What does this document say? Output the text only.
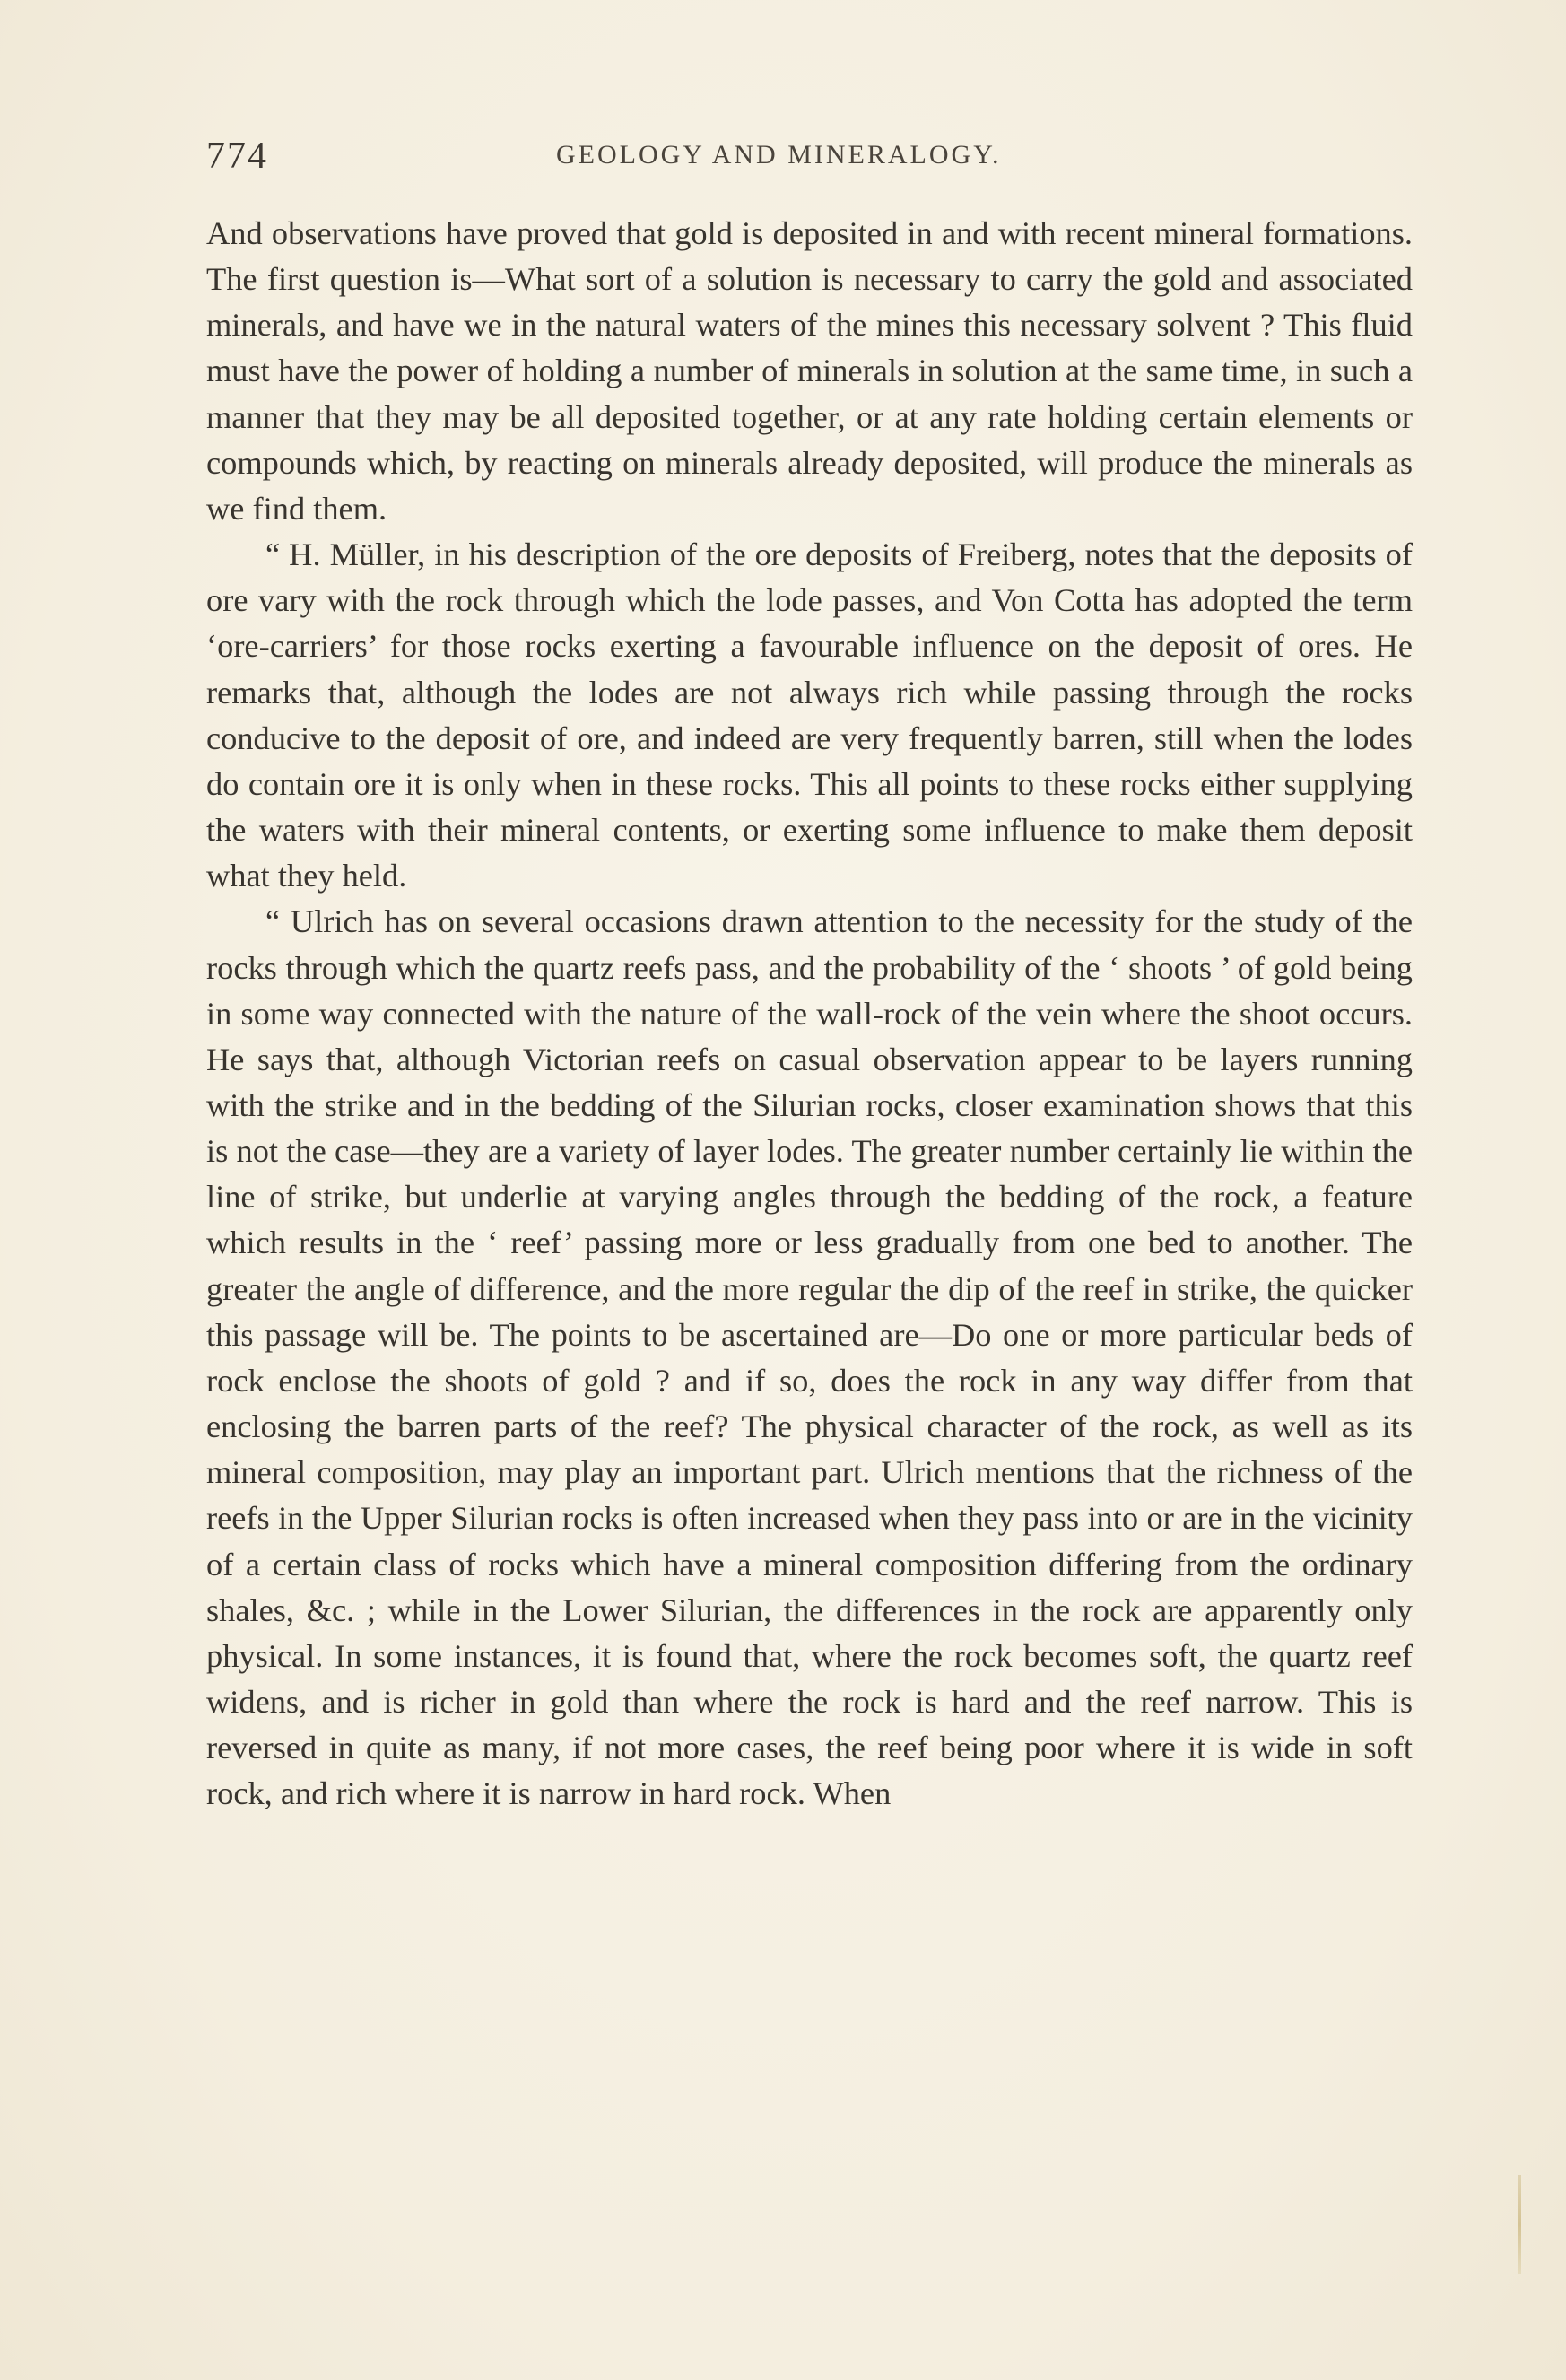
774	GEOLOGY AND MINERALOGY.

And observations have proved that gold is deposited in and with recent mineral formations. The first question is—What sort of a solution is necessary to carry the gold and associated minerals, and have we in the natural waters of the mines this necessary solvent ? This fluid must have the power of holding a number of minerals in solution at the same time, in such a manner that they may be all deposited together, or at any rate holding certain elements or compounds which, by reacting on minerals already deposited, will produce the minerals as we find them.

“ H. Müller, in his description of the ore deposits of Freiberg, notes that the deposits of ore vary with the rock through which the lode passes, and Von Cotta has adopted the term ‘ore-carriers’ for those rocks exerting a favourable influence on the deposit of ores. He remarks that, although the lodes are not always rich while passing through the rocks conducive to the deposit of ore, and indeed are very frequently barren, still when the lodes do contain ore it is only when in these rocks. This all points to these rocks either supplying the waters with their mineral contents, or exerting some influence to make them deposit what they held.

“ Ulrich has on several occasions drawn attention to the necessity for the study of the rocks through which the quartz reefs pass, and the probability of the ‘ shoots ’ of gold being in some way connected with the nature of the wall-rock of the vein where the shoot occurs. He says that, although Victorian reefs on casual observation appear to be layers running with the strike and in the bedding of the Silurian rocks, closer examination shows that this is not the case—they are a variety of layer lodes. The greater number certainly lie within the line of strike, but underlie at varying angles through the bedding of the rock, a feature which results in the ‘ reef’ passing more or less gradually from one bed to another. The greater the angle of difference, and the more regular the dip of the reef in strike, the quicker this passage will be. The points to be ascertained are—Do one or more particular beds of rock enclose the shoots of gold ? and if so, does the rock in any way differ from that enclosing the barren parts of the reef? The physical character of the rock, as well as its mineral composition, may play an important part. Ulrich mentions that the richness of the reefs in the Upper Silurian rocks is often increased when they pass into or are in the vicinity of a certain class of rocks which have a mineral composition differing from the ordinary shales, &c. ; while in the Lower Silurian, the differences in the rock are apparently only physical. In some instances, it is found that, where the rock becomes soft, the quartz reef widens, and is richer in gold than where the rock is hard and the reef narrow. This is reversed in quite as many, if not more cases, the reef being poor where it is wide in soft rock, and rich where it is narrow in hard rock. When
